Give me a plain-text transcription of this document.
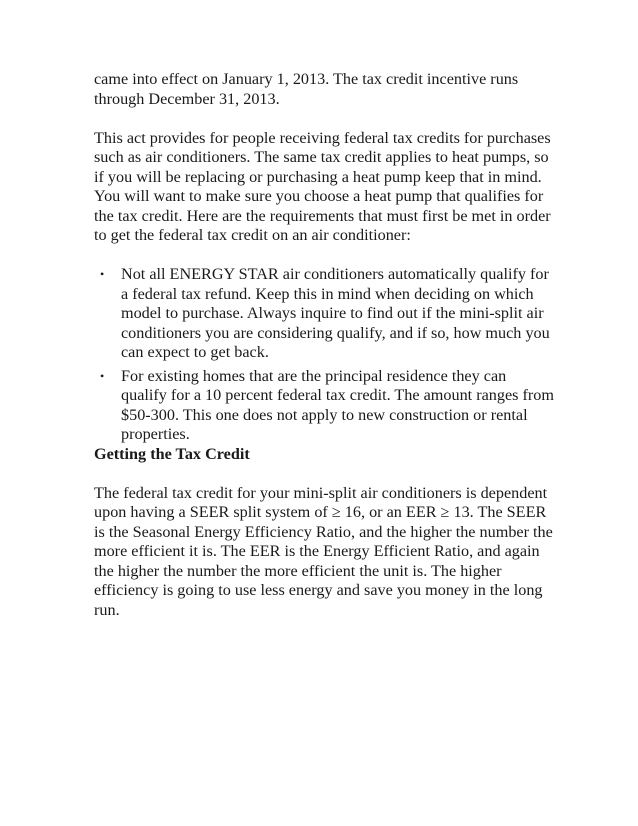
came into effect on January 1, 2013. The tax credit incentive runs through December 31, 2013.

This act provides for people receiving federal tax credits for purchases such as air conditioners. The same tax credit applies to heat pumps, so if you will be replacing or purchasing a heat pump keep that in mind. You will want to make sure you choose a heat pump that qualifies for the tax credit. Here are the requirements that must first be met in order to get the federal tax credit on an air conditioner:

• Not all ENERGY STAR air conditioners automatically qualify for a federal tax refund. Keep this in mind when deciding on which model to purchase. Always inquire to find out if the mini-split air conditioners you are considering qualify, and if so, how much you can expect to get back.
• For existing homes that are the principal residence they can qualify for a 10 percent federal tax credit. The amount ranges from $50-300. This one does not apply to new construction or rental properties.

Getting the Tax Credit

The federal tax credit for your mini-split air conditioners is dependent upon having a SEER split system of ≥ 16, or an EER ≥ 13. The SEER is the Seasonal Energy Efficiency Ratio, and the higher the number the more efficient it is. The EER is the Energy Efficient Ratio, and again the higher the number the more efficient the unit is. The higher efficiency is going to use less energy and save you money in the long run.
